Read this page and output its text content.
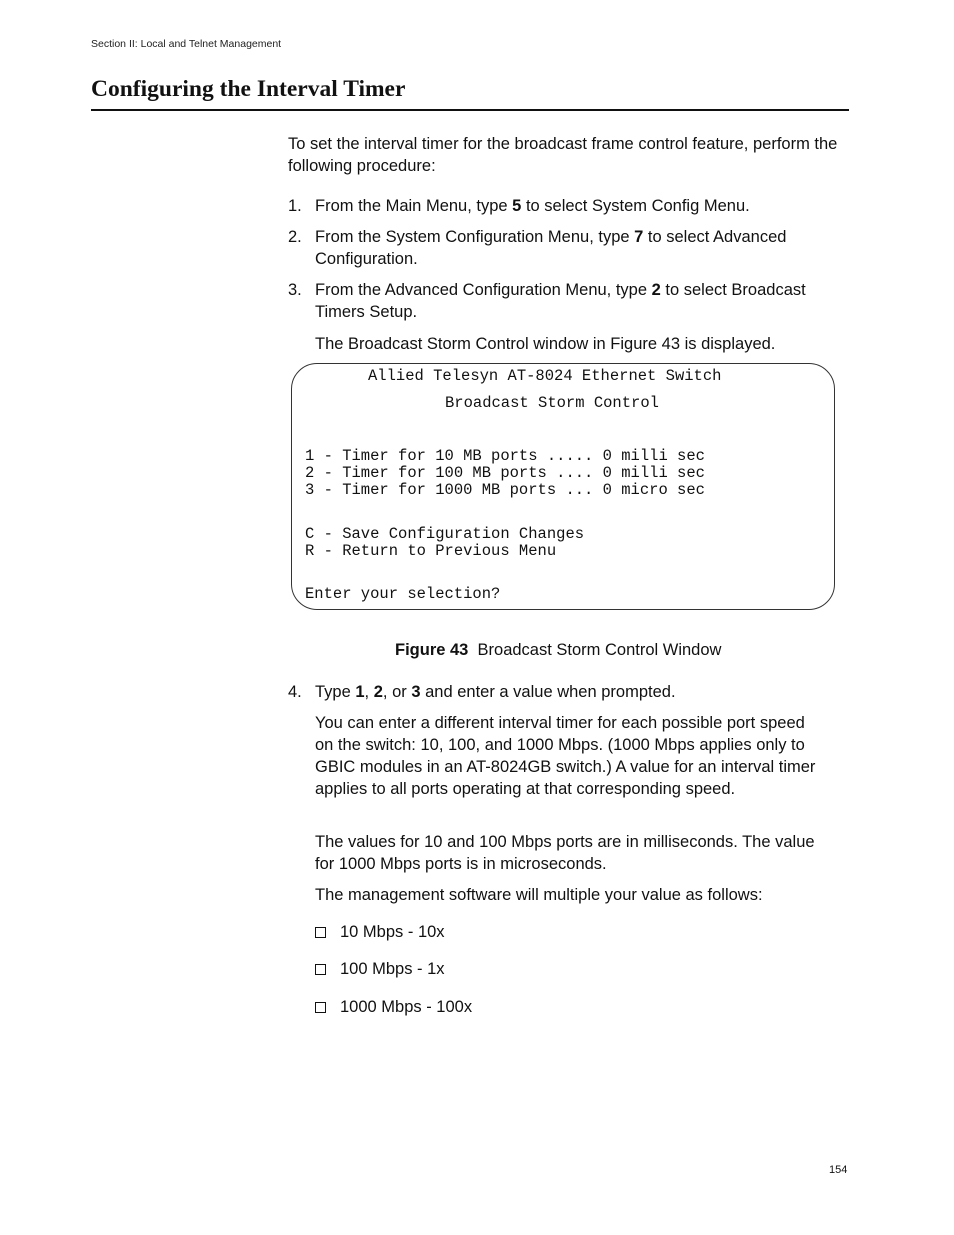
Section II: Local and Telnet Management
Configuring the Interval Timer
To set the interval timer for the broadcast frame control feature, perform the following procedure:
1. From the Main Menu, type 5 to select System Config Menu.
2. From the System Configuration Menu, type 7 to select Advanced Configuration.
3. From the Advanced Configuration Menu, type 2 to select Broadcast Timers Setup.
The Broadcast Storm Control window in Figure 43 is displayed.
Allied Telesyn AT-8024 Ethernet Switch
Broadcast Storm Control
1 - Timer for 10 MB ports ..... 0 milli sec
2 - Timer for 100 MB ports .... 0 milli sec
3 - Timer for 1000 MB ports ... 0 micro sec
C - Save Configuration Changes
R - Return to Previous Menu
Enter your selection?
Figure 43 Broadcast Storm Control Window
4. Type 1, 2, or 3 and enter a value when prompted.
You can enter a different interval timer for each possible port speed on the switch: 10, 100, and 1000 Mbps. (1000 Mbps applies only to GBIC modules in an AT-8024GB switch.) A value for an interval timer applies to all ports operating at that corresponding speed.
The values for 10 and 100 Mbps ports are in milliseconds. The value for 1000 Mbps ports is in microseconds.
The management software will multiple your value as follows:
10 Mbps - 10x
100 Mbps - 1x
1000 Mbps - 100x
154
